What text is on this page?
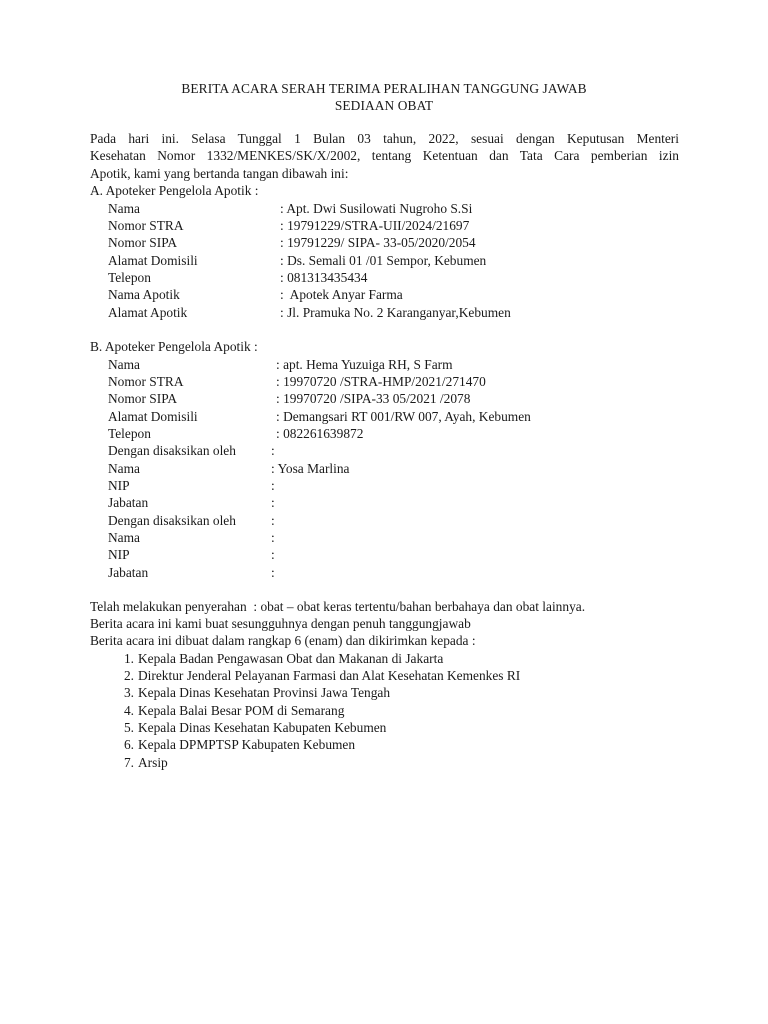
BERITA ACARA SERAH TERIMA PERALIHAN TANGGUNG JAWAB
SEDIAAN OBAT
Pada hari ini. Selasa Tunggal 1 Bulan 03 tahun, 2022, sesuai dengan Keputusan Menteri
Kesehatan Nomor 1332/MENKES/SK/X/2002, tentang Ketentuan dan Tata Cara pemberian izin
Apotik, kami yang bertanda tangan dibawah ini:
A. Apoteker Pengelola Apotik :
Nama	: Apt. Dwi Susilowati Nugroho S.Si
Nomor STRA	: 19791229/STRA-UII/2024/21697
Nomor SIPA	: 19791229/ SIPA- 33-05/2020/2054
Alamat Domisili	: Ds. Semali 01 /01 Sempor, Kebumen
Telepon	: 081313435434
Nama Apotik	:  Apotek Anyar Farma
Alamat Apotik	: Jl. Pramuka No. 2 Karanganyar,Kebumen
B. Apoteker Pengelola Apotik :
Nama	: apt. Hema Yuzuiga RH, S Farm
Nomor STRA	: 19970720 /STRA-HMP/2021/271470
Nomor SIPA	: 19970720 /SIPA-33 05/2021 /2078
Alamat Domisili	: Demangsari RT 001/RW 007, Ayah, Kebumen
Telepon	: 082261639872
Dengan disaksikan oleh	:
Nama	: Yosa Marlina
NIP	:
Jabatan	:
Dengan disaksikan oleh	:
Nama	:
NIP	:
Jabatan	:
Telah melakukan penyerahan  : obat – obat keras tertentu/bahan berbahaya dan obat lainnya.
Berita acara ini kami buat sesungguhnya dengan penuh tanggungjawab
Berita acara ini dibuat dalam rangkap 6 (enam) dan dikirimkan kepada :
1. Kepala Badan Pengawasan Obat dan Makanan di Jakarta
2. Direktur Jenderal Pelayanan Farmasi dan Alat Kesehatan Kemenkes RI
3. Kepala Dinas Kesehatan Provinsi Jawa Tengah
4. Kepala Balai Besar POM di Semarang
5. Kepala Dinas Kesehatan Kabupaten Kebumen
6. Kepala DPMPTSP Kabupaten Kebumen
7. Arsip
